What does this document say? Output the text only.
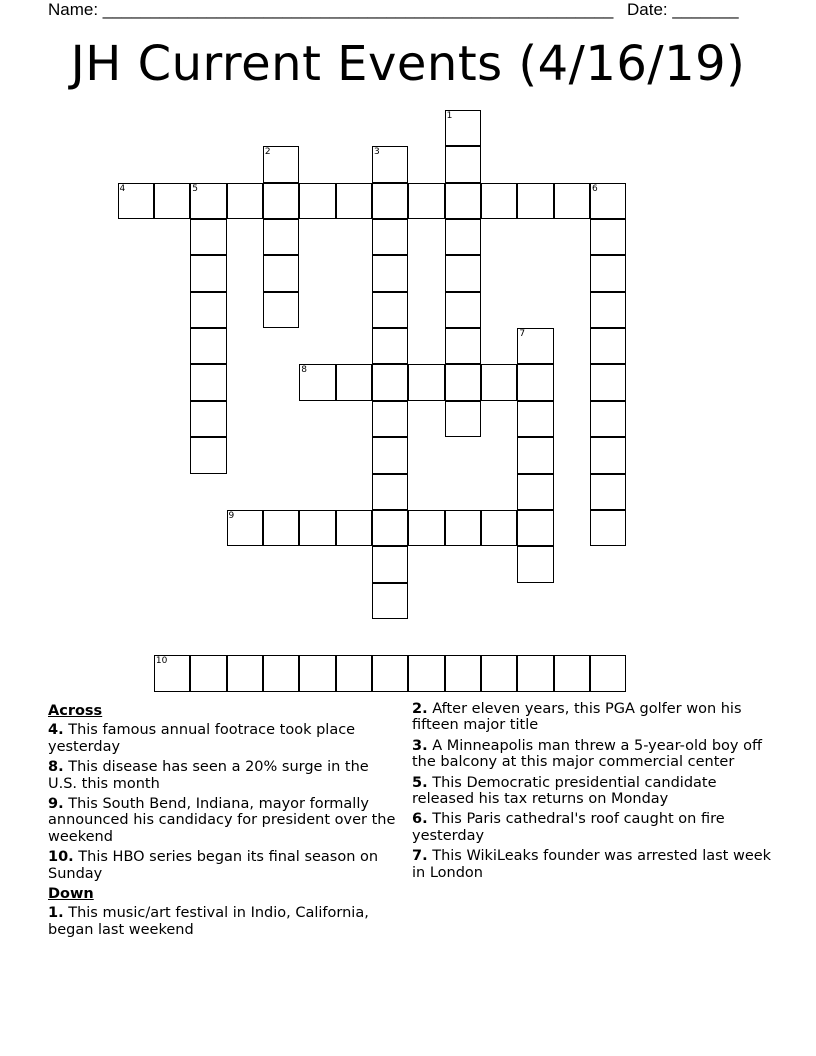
Name: ______________________________________________________ Date: _______
JH Current Events (4/16/19)
4	5	6
8
9
10
1
2	3
7
Across
4. This famous annual footrace took place yesterday
8. This disease has seen a 20% surge in the U.S. this month
9. This South Bend, Indiana, mayor formally announced his candidacy for president over the weekend
10. This HBO series began its final season on Sunday
Down
1. This music/art festival in Indio, California, began last weekend
2. After eleven years, this PGA golfer won his fifteen major title
3. A Minneapolis man threw a 5-year-old boy off the balcony at this major commercial center
5. This Democratic presidential candidate released his tax returns on Monday
6. This Paris cathedral's roof caught on fire yesterday
7. This WikiLeaks founder was arrested last week in London
